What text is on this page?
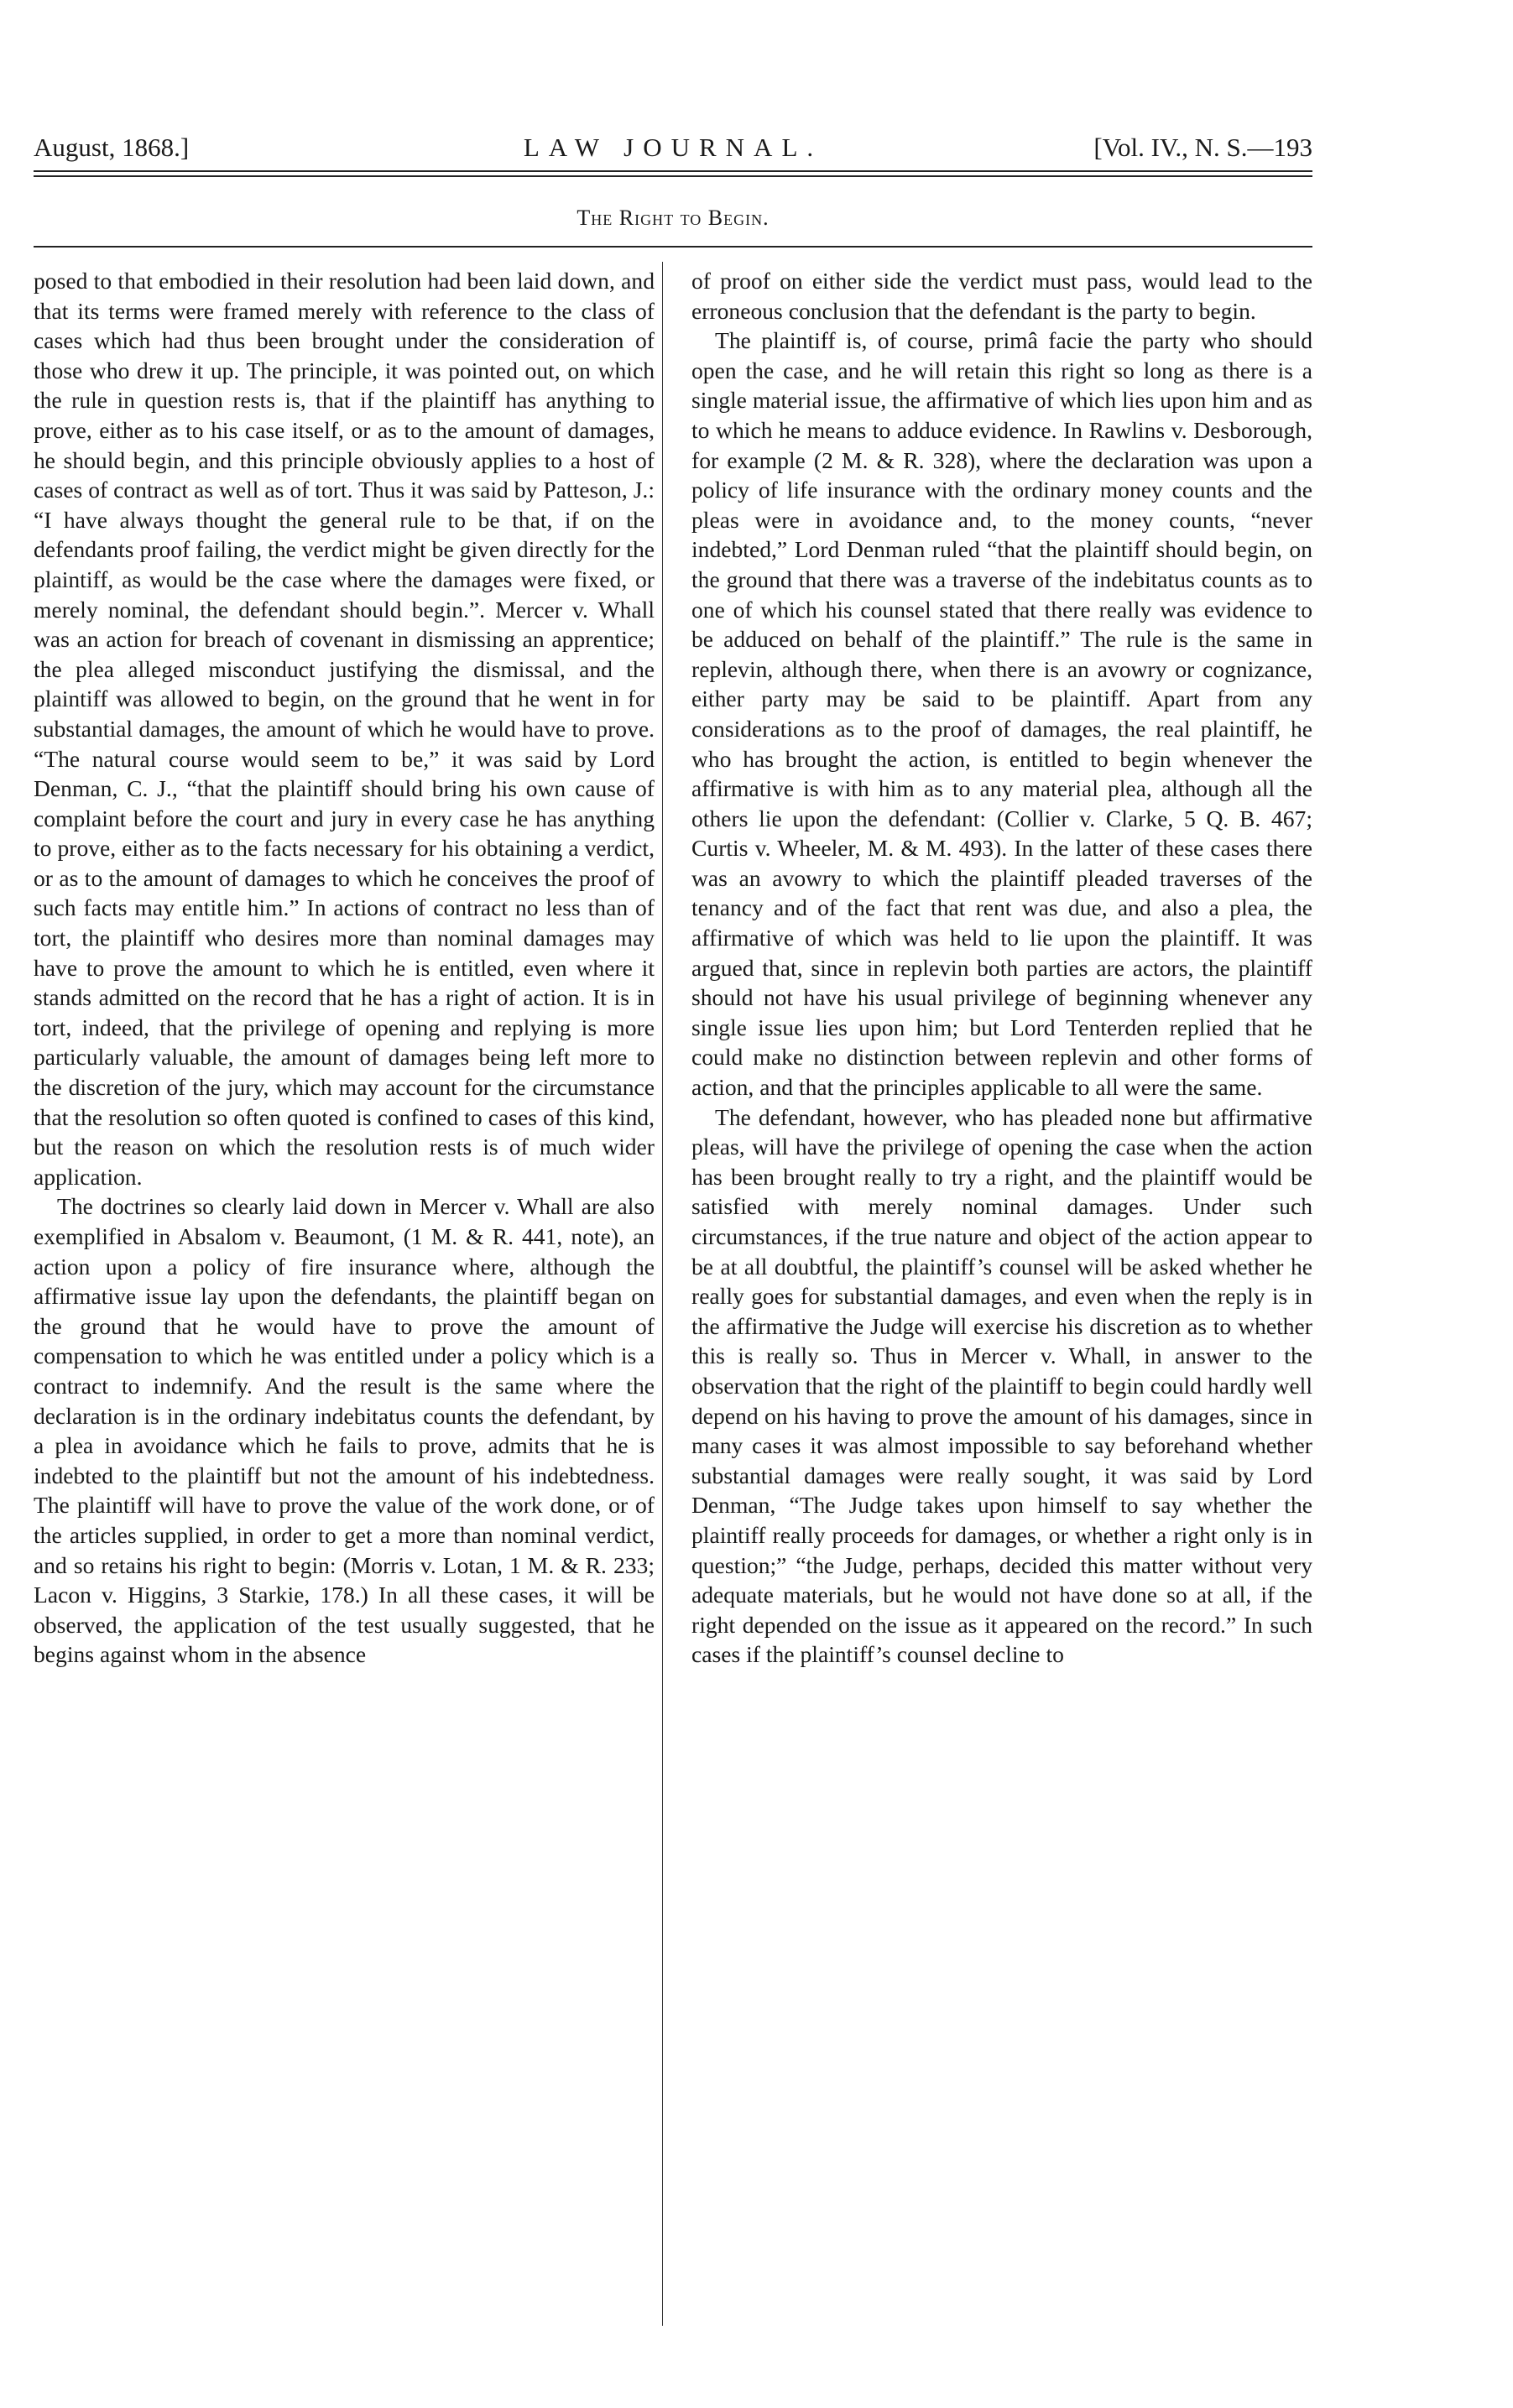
August, 1868.]	LAW JOURNAL.	[Vol. IV., N. S.—193
The Right to Begin.

posed to that embodied in their resolution had been laid down, and that its terms were framed merely with reference to the class of cases which had thus been brought under the consideration of those who drew it up. The principle, it was pointed out, on which the rule in question rests is, that if the plaintiff has anything to prove, either as to his case itself, or as to the amount of damages, he should begin, and this principle obviously applies to a host of cases of contract as well as of tort. Thus it was said by Patteson, J.: “I have always thought the general rule to be that, if on the defendants proof failing, the verdict might be given directly for the plaintiff, as would be the case where the damages were fixed, or merely nominal, the defendant should begin.”. Mercer v. Whall was an action for breach of covenant in dismissing an apprentice; the plea alleged misconduct justifying the dismissal, and the plaintiff was allowed to begin, on the ground that he went in for substantial damages, the amount of which he would have to prove. “The natural course would seem to be,” it was said by Lord Denman, C. J., “that the plaintiff should bring his own cause of complaint before the court and jury in every case he has anything to prove, either as to the facts necessary for his obtaining a verdict, or as to the amount of damages to which he conceives the proof of such facts may entitle him.” In actions of contract no less than of tort, the plaintiff who desires more than nominal damages may have to prove the amount to which he is entitled, even where it stands admitted on the record that he has a right of action. It is in tort, indeed, that the privilege of opening and replying is more particularly valuable, the amount of damages being left more to the discretion of the jury, which may account for the circumstance that the resolution so often quoted is confined to cases of this kind, but the reason on which the resolution rests is of much wider application.

The doctrines so clearly laid down in Mercer v. Whall are also exemplified in Absalom v. Beaumont, (1 M. & R. 441, note), an action upon a policy of fire insurance where, although the affirmative issue lay upon the defendants, the plaintiff began on the ground that he would have to prove the amount of compensation to which he was entitled under a policy which is a contract to indemnify. And the result is the same where the declaration is in the ordinary indebitatus counts the defendant, by a plea in avoidance which he fails to prove, admits that he is indebted to the plaintiff but not the amount of his indebtedness. The plaintiff will have to prove the value of the work done, or of the articles supplied, in order to get a more than nominal verdict, and so retains his right to begin: (Morris v. Lotan, 1 M. & R. 233; Lacon v. Higgins, 3 Starkie, 178.) In all these cases, it will be observed, the application of the test usually suggested, that he begins against whom in the absence

of proof on either side the verdict must pass, would lead to the erroneous conclusion that the defendant is the party to begin.

The plaintiff is, of course, primâ facie the party who should open the case, and he will retain this right so long as there is a single material issue, the affirmative of which lies upon him and as to which he means to adduce evidence. In Rawlins v. Desborough, for example (2 M. & R. 328), where the declaration was upon a policy of life insurance with the ordinary money counts and the pleas were in avoidance and, to the money counts, “never indebted,” Lord Denman ruled “that the plaintiff should begin, on the ground that there was a traverse of the indebitatus counts as to one of which his counsel stated that there really was evidence to be adduced on behalf of the plaintiff.” The rule is the same in replevin, although there, when there is an avowry or cognizance, either party may be said to be plaintiff. Apart from any considerations as to the proof of damages, the real plaintiff, he who has brought the action, is entitled to begin whenever the affirmative is with him as to any material plea, although all the others lie upon the defendant: (Collier v. Clarke, 5 Q. B. 467; Curtis v. Wheeler, M. & M. 493). In the latter of these cases there was an avowry to which the plaintiff pleaded traverses of the tenancy and of the fact that rent was due, and also a plea, the affirmative of which was held to lie upon the plaintiff. It was argued that, since in replevin both parties are actors, the plaintiff should not have his usual privilege of beginning whenever any single issue lies upon him; but Lord Tenterden replied that he could make no distinction between replevin and other forms of action, and that the principles applicable to all were the same.

The defendant, however, who has pleaded none but affirmative pleas, will have the privilege of opening the case when the action has been brought really to try a right, and the plaintiff would be satisfied with merely nominal damages. Under such circumstances, if the true nature and object of the action appear to be at all doubtful, the plaintiff’s counsel will be asked whether he really goes for substantial damages, and even when the reply is in the affirmative the Judge will exercise his discretion as to whether this is really so. Thus in Mercer v. Whall, in answer to the observation that the right of the plaintiff to begin could hardly well depend on his having to prove the amount of his damages, since in many cases it was almost impossible to say beforehand whether substantial damages were really sought, it was said by Lord Denman, “The Judge takes upon himself to say whether the plaintiff really proceeds for damages, or whether a right only is in question;” “the Judge, perhaps, decided this matter without very adequate materials, but he would not have done so at all, if the right depended on the issue as it appeared on the record.” In such cases if the plaintiff’s counsel decline to
